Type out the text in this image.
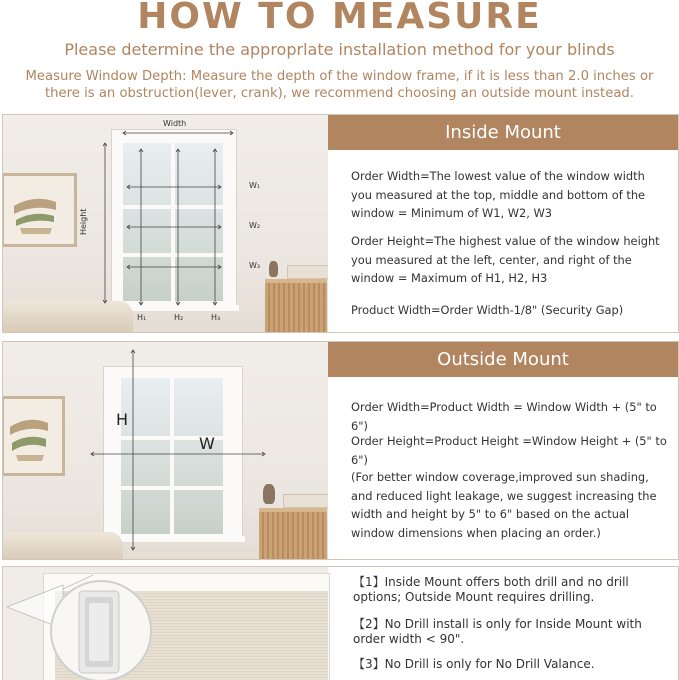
HOW TO MEASURE

Please determine the approprlate installation method for your blinds

Measure Window Depth: Measure the depth of the window frame, if it is less than 2.0 inches or there is an obstruction(lever, crank), we recommend choosing an outside mount instead.

Width
Height
W₁
W₂
W₃
H₁	H₂	H₃
Inside Mount
Order Width=The lowest value of the window width you measured at the top, middle and bottom of the window = Minimum of W1, W2, W3
Order Height=The highest value of the window height you measured at the left, center, and right of the window = Maximum of H1, H2, H3
Product Width=Order Width-1/8" (Security Gap)
H
W
Outside Mount
Order Width=Product Width = Window Width + (5" to 6")
Order Height=Product Height =Window Height + (5" to 6")
(For better window coverage,improved sun shading, and reduced light leakage, we suggest increasing the width and height by 5" to 6" based on the actual window dimensions when placing an order.)
【1】Inside Mount offers both drill and no drill options; Outside Mount requires drilling.
【2】No Drill install is only for Inside Mount with order width < 90".
【3】No Drill is only for No Drill Valance.
